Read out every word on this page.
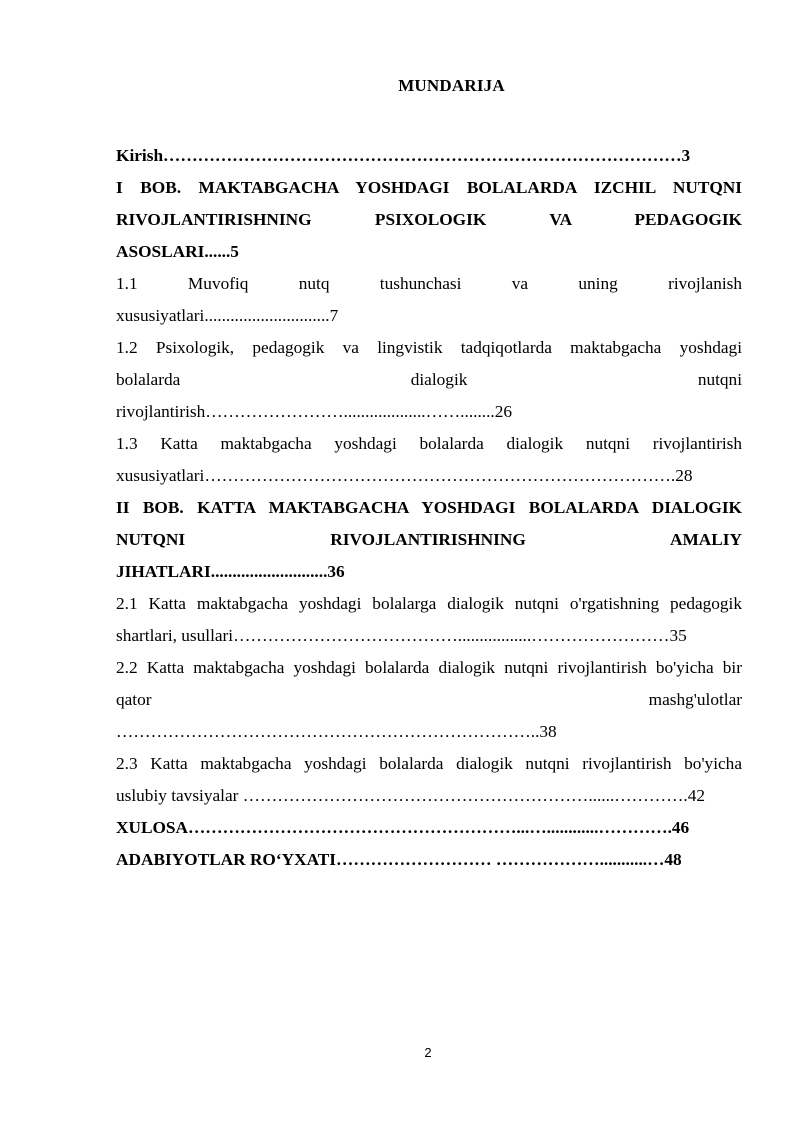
MUNDARIJA

Kirish………………………………………………………………………………3

I BOB. MAKTABGACHA YOSHDAGI BOLALARDA IZCHIL NUTQNI
RIVOJLANTIRISHNING PSIXOLOGIK VA PEDAGOGIK
ASOSLARI......5

1.1 Muvofiq nutq tushunchasi va uning rivojlanish
xususiyatlari.............................7

1.2 Psixologik, pedagogik va lingvistik tadqiqotlarda maktabgacha yoshdagi
bolalarda dialogik nutqni
rivojlantirish……………………...................……........26

1.3 Katta maktabgacha yoshdagi bolalarda dialogik nutqni rivojlantirish
xususiyatlari……………………………………………………………………….28

II BOB. KATTA MAKTABGACHA YOSHDAGI BOLALARDA DIALOGIK
NUTQNI RIVOJLANTIRISHNING AMALIY
JIHATLARI...........................36

2.1 Katta maktabgacha yoshdagi bolalarga dialogik nutqni o'rgatishning pedagogik
shartlari, usullari………………………………….................……………………35

2.2 Katta maktabgacha yoshdagi bolalarda dialogik nutqni rivojlantirish bo'yicha bir
qator mashg'ulotlar
………………………………………………………………..38

2.3 Katta maktabgacha yoshdagi bolalarda dialogik nutqni rivojlantirish bo'yicha
uslubiy tavsiyalar ……………………………………………………......………….42

XULOSA…………………………………………………...…............………….46

ADABIYOTLAR RO‘YXATI……………………… ………………...........…48

2
